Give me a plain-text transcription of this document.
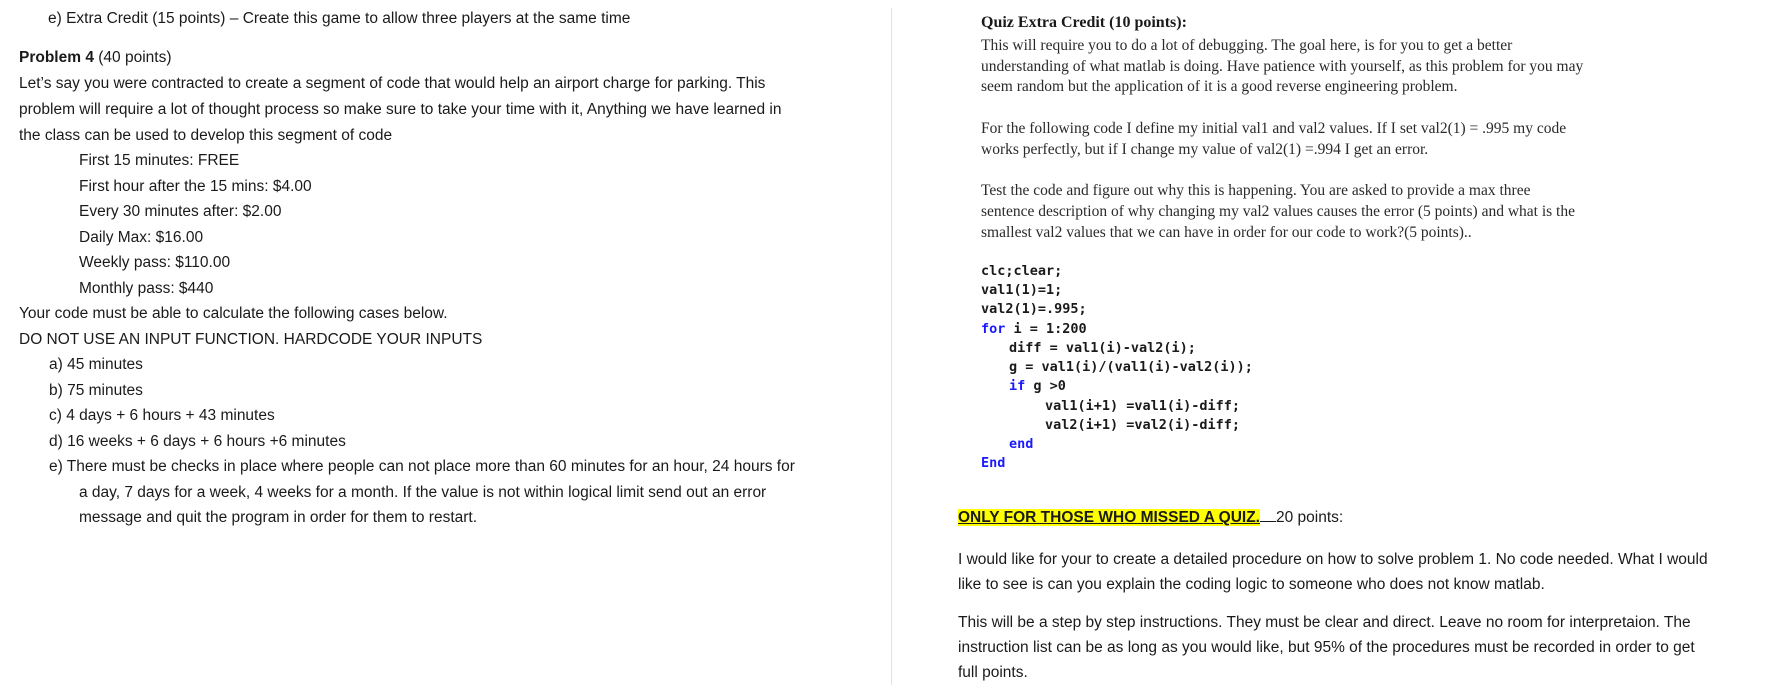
e) Extra Credit (15 points) – Create this game to allow three players at the same time
Problem 4 (40 points)
Let’s say you were contracted to create a segment of code that would help an airport charge for parking. This
problem will require a lot of thought process so make sure to take your time with it, Anything we have learned in
the class can be used to develop this segment of code
First 15 minutes: FREE
First hour after the 15 mins: $4.00
Every 30 minutes after: $2.00
Daily Max: $16.00
Weekly pass: $110.00
Monthly pass: $440
Your code must be able to calculate the following cases below.
DO NOT USE AN INPUT FUNCTION. HARDCODE YOUR INPUTS
a) 45 minutes
b) 75 minutes
c) 4 days + 6 hours + 43 minutes
d) 16 weeks + 6 days + 6 hours +6 minutes
e) There must be checks in place where people can not place more than 60 minutes for an hour, 24 hours for
a day, 7 days for a week, 4 weeks for a month. If the value is not within logical limit send out an error
message and quit the program in order for them to restart.
Quiz Extra Credit (10 points):
This will require you to do a lot of debugging. The goal here, is for you to get a better
understanding of what matlab is doing. Have patience with yourself, as this problem for you may
seem random but the application of it is a good reverse engineering problem.
For the following code I define my initial val1 and val2 values. If I set val2(1) = .995 my code
works perfectly, but if I change my value of val2(1) =.994 I get an error.
Test the code and figure out why this is happening. You are asked to provide a max three
sentence description of why changing my val2 values causes the error (5 points) and what is the
smallest val2 values that we can have in order for our code to work?(5 points)..
clc;clear;
val1(1)=1;
val2(1)=.995;
for i = 1:200
diff = val1(i)-val2(i);
g = val1(i)/(val1(i)-val2(i));
if g >0
val1(i+1) =val1(i)-diff;
val2(i+1) =val2(i)-diff;
end
End
ONLY FOR THOSE WHO MISSED A QUIZ. 20 points:
I would like for your to create a detailed procedure on how to solve problem 1. No code needed. What I would
like to see is can you explain the coding logic to someone who does not know matlab.
This will be a step by step instructions. They must be clear and direct. Leave no room for interpretaion. The
instruction list can be as long as you would like, but 95% of the procedures must be recorded in order to get
full points.
